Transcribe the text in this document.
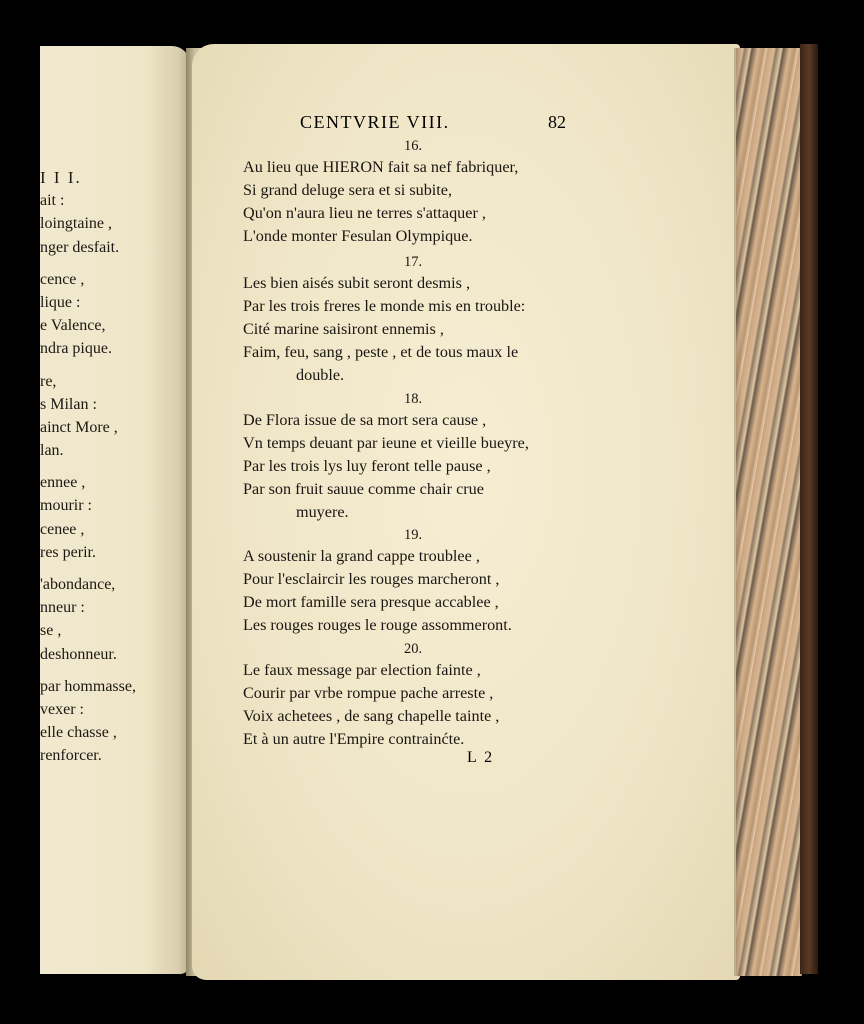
I I I.
ait :
loingtaine ,
nger desfait.
cence ,
lique :
e Valence,
ndra pique.
re,
s Milan :
ainct More ,
lan.
ennee ,
mourir :
cenee ,
res perir.
'abondance,
nneur :
se ,
deshonneur.
par hommasse,
vexer :
elle chasse ,
renforcer.
CENTVRIE VIII.	82
16.
Au lieu que HIERON fait sa nef fabriquer,
Si grand deluge sera et si subite,
Qu'on n'aura lieu ne terres s'attaquer ,
L'onde monter Fesulan Olympique.
17.
Les bien aisés subit seront desmis ,
Par les trois freres le monde mis en trouble:
Cité marine saisiront ennemis ,
Faim, feu, sang , peste , et de tous maux le
double.
18.
De Flora issue de sa mort sera cause ,
Vn temps deuant par ieune et vieille bueyre,
Par les trois lys luy feront telle pause ,
Par son fruit sauue comme chair crue
muyere.
19.
A soustenir la grand cappe troublee ,
Pour l'esclaircir les rouges marcheront ,
De mort famille sera presque accablee ,
Les rouges rouges le rouge assommeront.
20.
Le faux message par election fainte ,
Courir par vrbe rompue pache arreste ,
Voix achetees , de sang chapelle tainte ,
Et à un autre l'Empire contrainćte.
L 2
